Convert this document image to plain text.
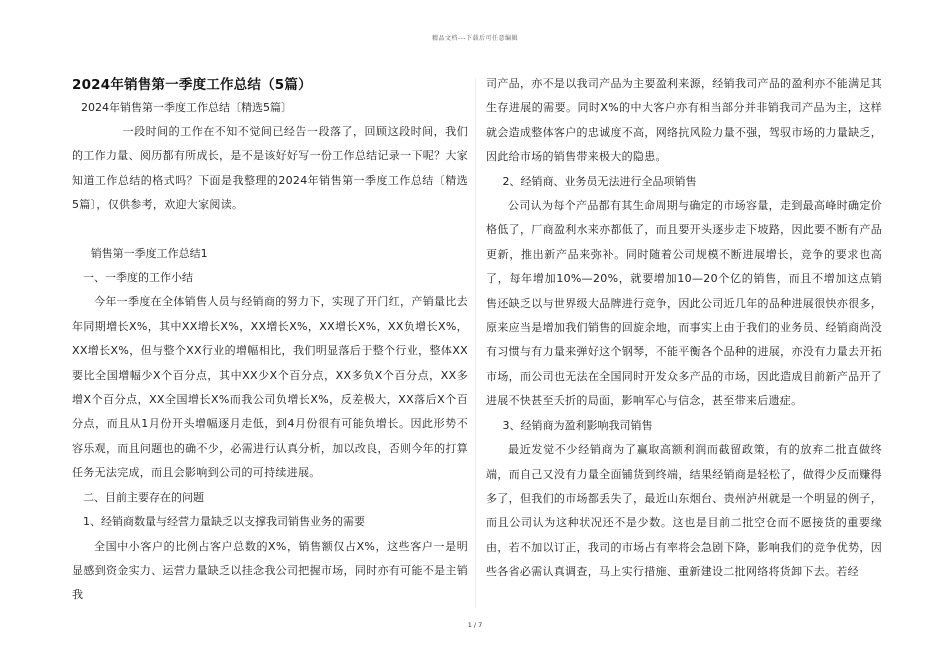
精品文档---下载后可任意编辑
2024年销售第一季度工作总结（5篇）
2024年销售第一季度工作总结〔精选5篇〕

一段时间的工作在不知不觉间已经告一段落了，回顾这段时间，我们的工作力量、阅历都有所成长，是不是该好好写一份工作总结记录一下呢？大家知道工作总结的格式吗？下面是我整理的2024年销售第一季度工作总结〔精选5篇〕，仅供参考，欢迎大家阅读。

销售第一季度工作总结1

一、一季度的工作小结

今年一季度在全体销售人员与经销商的努力下，实现了开门红，产销量比去年同期增长X%，其中XX增长X%，XX增长X%，XX增长X%，XX负增长X%，XX增长X%，但与整个XX行业的增幅相比，我们明显落后于整个行业，整体XX要比全国增幅少X个百分点，其中XX少X个百分点，XX多负X个百分点，XX多增X个百分点，XX全国增长X%而我公司负增长X%，反差极大，XX落后X个百分点，而且从1月份开头增幅逐月走低，到4月份很有可能负增长。因此形势不容乐观，而且问题也的确不少，必需进行认真分析，加以改良，否则今年的打算任务无法完成，而且会影响到公司的可持续进展。

二、目前主要存在的问题

1、经销商数量与经营力量缺乏以支撑我司销售业务的需要

全国中小客户的比例占客户总数的X%，销售额仅占X%，这些客户一是明显感到资金实力、运营力量缺乏以挂念我公司把握市场，同时亦有可能不是主销我

司产品，亦不是以我司产品为主要盈利来源，经销我司产品的盈利亦不能满足其生存进展的需要。同时X%的中大客户亦有相当部分并非销我司产品为主，这样就会造成整体客户的忠诚度不高，网络抗风险力量不强，驾驭市场的力量缺乏，因此给市场的销售带来极大的隐患。

2、经销商、业务员无法进行全品项销售

公司认为每个产品都有其生命周期与确定的市场容量，走到最高峰时确定价格低了，厂商盈利水来亦都低了，而且要开头逐步走下坡路，因此要不断有产品更新，推出新产品来弥补。同时随着公司规模不断进展增长，竞争的要求也高了，每年增加10%—20%，就要增加10—20个亿的销售，而且不增加这点销售还缺乏以与世界级大品牌进行竞争，因此公司近几年的品种进展很快亦很多，原来应当是增加我们销售的回旋余地，而事实上由于我们的业务员、经销商尚没有习惯与有力量来弹好这个钢琴，不能平衡各个品种的进展，亦没有力量去开拓市场，而公司也无法在全国同时开发众多产品的市场，因此造成目前新产品开了进展不快甚至夭折的局面，影响军心与信念，甚至带来后遗症。

3、经销商为盈利影响我司销售

最近发觉不少经销商为了赢取高额利润而截留政策，有的放弃二批直做终端，而自己又没有力量全面铺货到终端，结果经销商是轻松了，做得少反而赚得多了，但我们的市场都丢失了，最近山东烟台、贵州泸州就是一个明显的例子，而且公司认为这种状况还不是少数。这也是目前二批空仓而不愿接货的重要缘由，若不加以订正，我司的市场占有率将会急剧下降，影响我们的竞争优势，因些各省必需认真调查，马上实行措施、重新建设二批网络将货卸下去。若经

1 / 7
